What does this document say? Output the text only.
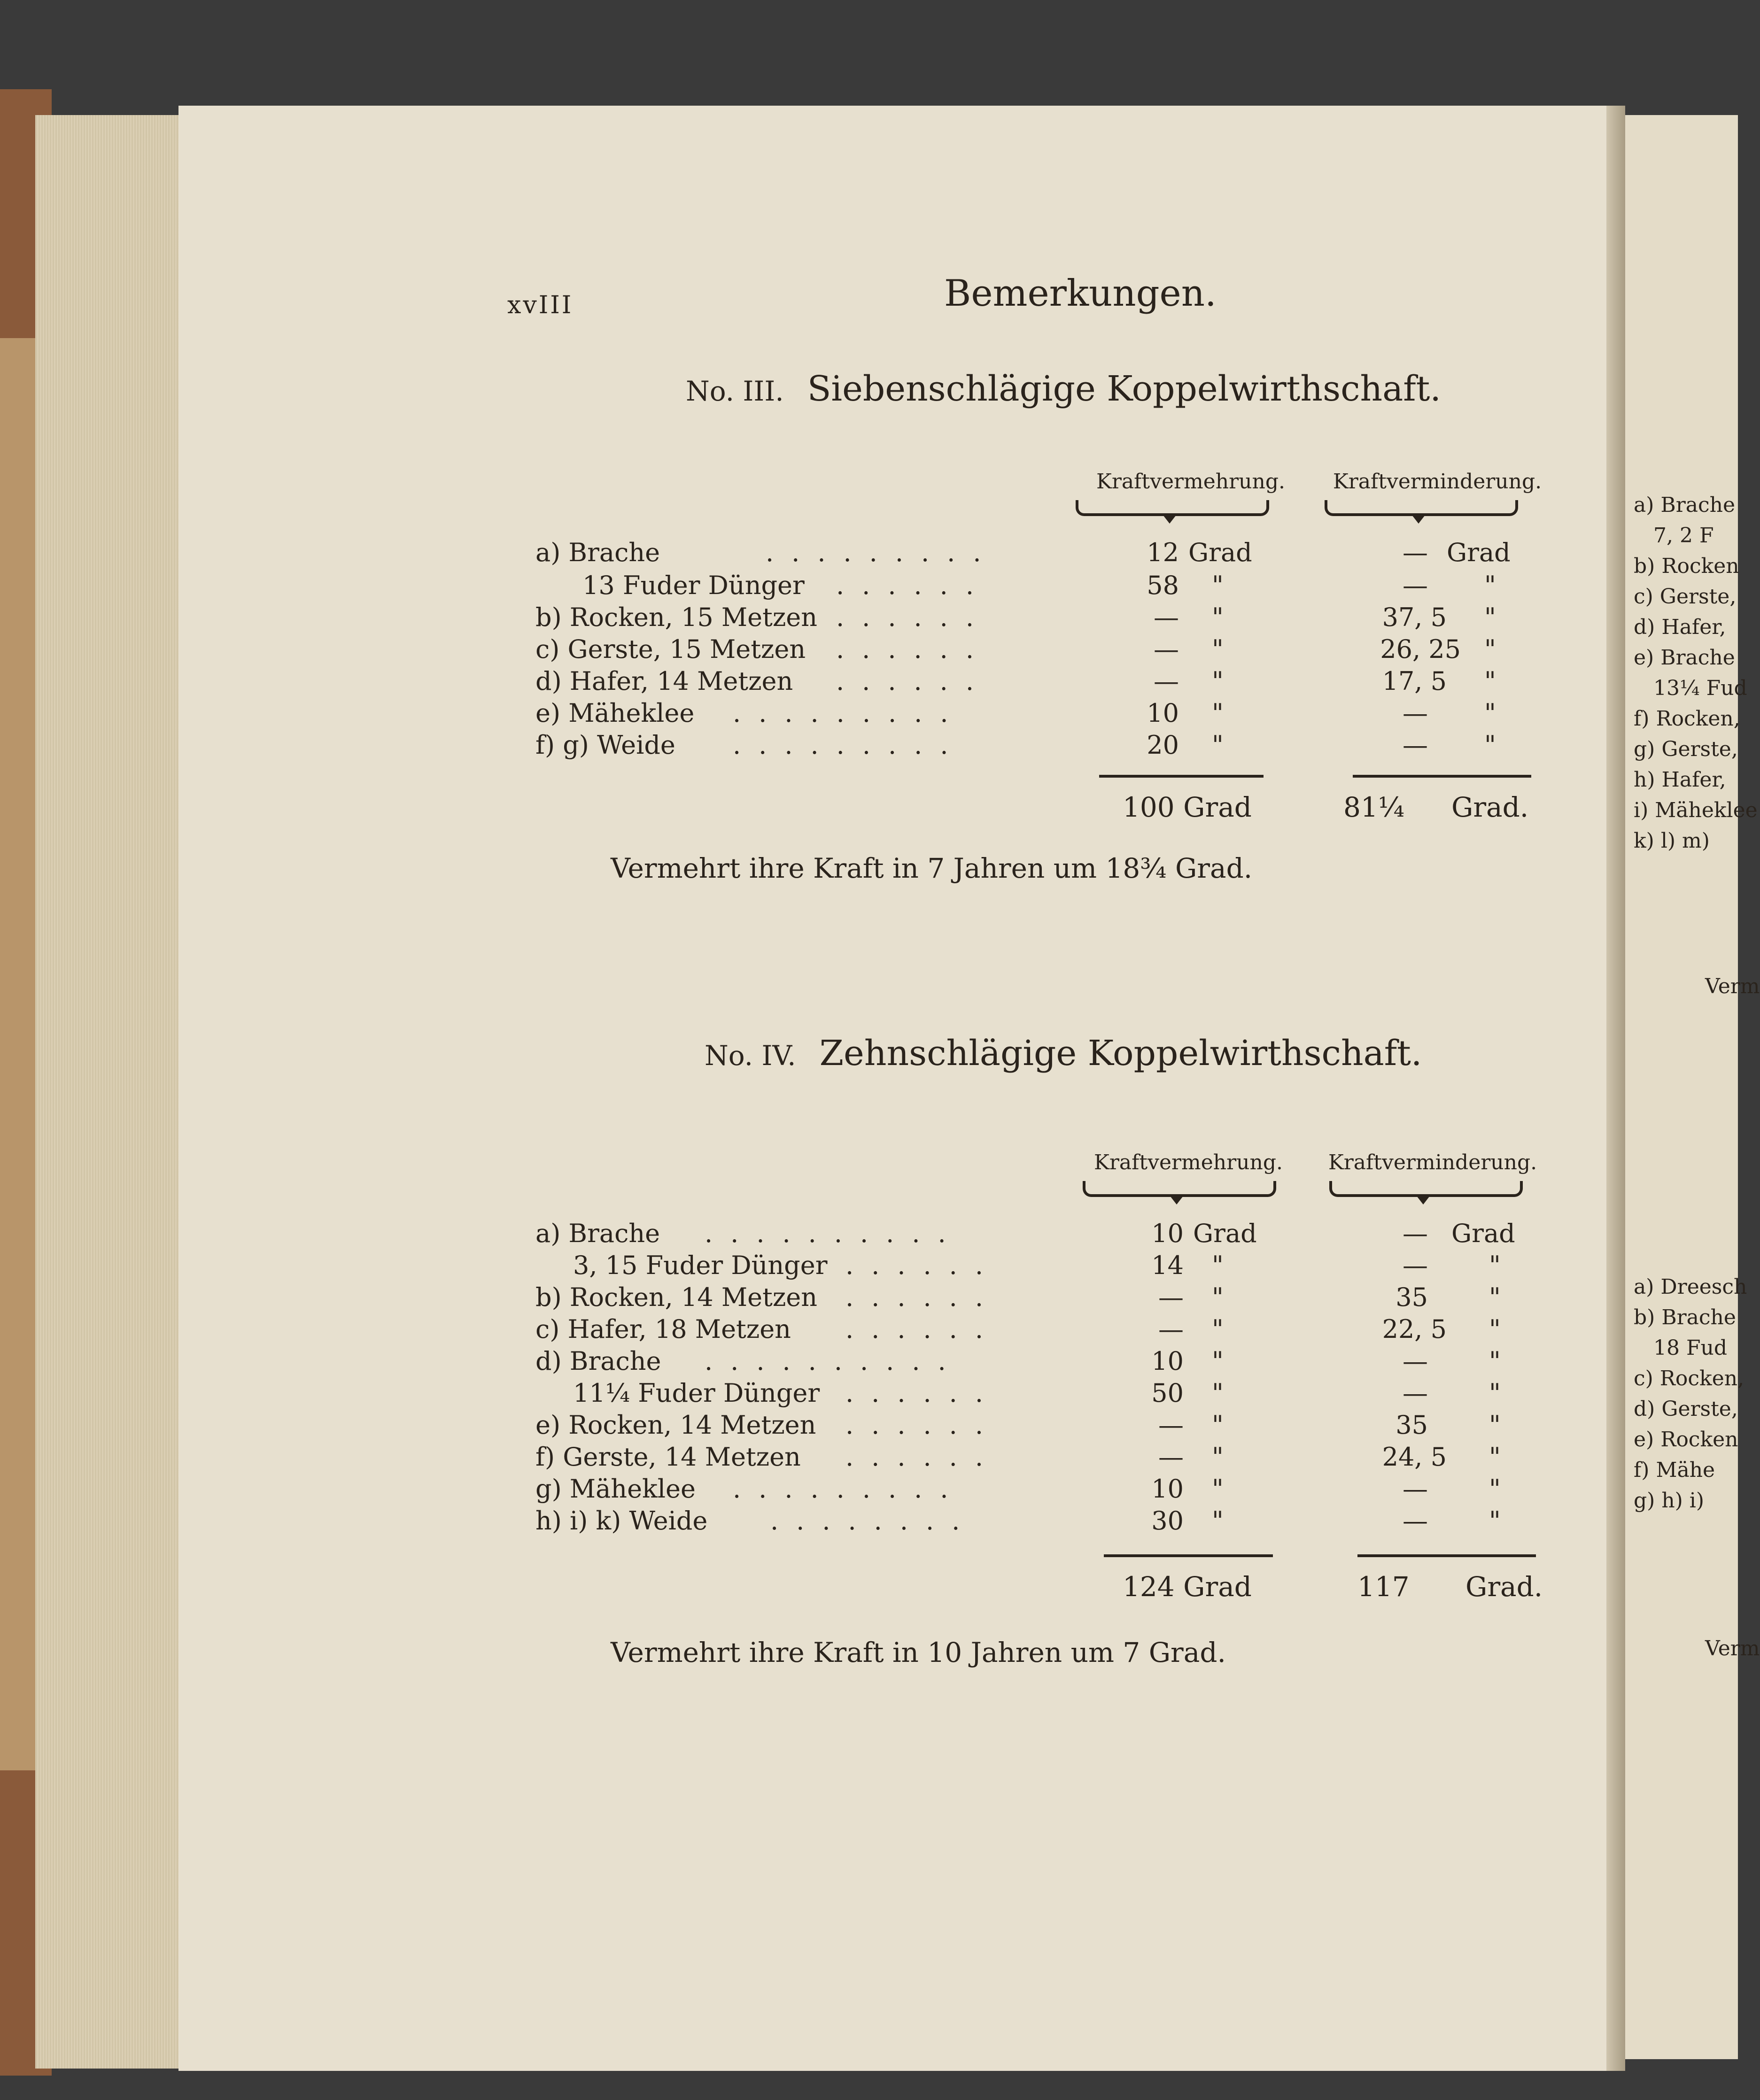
xvIII	Bemerkungen.
No. III. Siebenschlägige Koppelwirthschaft.
Kraftvermehrung. Kraftverminderung.
a) Brache	12 Grad	— Grad
13 Fuder Dünger	58 "	— "
b) Rocken, 15 Metzen	— "	37, 5 "
c) Gerste, 15 Metzen	— "	26, 25 "
d) Hafer, 14 Metzen	— "	17, 5 "
e) Mäheklee	10 "	— "
f) g) Weide	20 "	— "
.........
......
......
......
......
.........
.........
100 Grad	81¼ Grad.
Vermehrt ihre Kraft in 7 Jahren um 18¾ Grad.
No. IV. Zehnschlägige Koppelwirthschaft.
Kraftvermehrung. Kraftverminderung.
a) Brache	10 Grad	— Grad
3, 15 Fuder Dünger	14 "	— "
b) Rocken, 14 Metzen	— "	35 "
c) Hafer, 18 Metzen	— "	22, 5 "
d) Brache	10 "	— "
11¼ Fuder Dünger	50 "	— "
e) Rocken, 14 Metzen	— "	35 "
f) Gerste, 14 Metzen	— "	24, 5 "
g) Mäheklee	10 "	— "
h) i) k) Weide	30 "	— "
..........
......
......
......
..........
......
......
......
.........
........
124 Grad	117 Grad.
Vermehrt ihre Kraft in 10 Jahren um 7 Grad.
a) Brache
7, 2 F
b) Rocken
c) Gerste,
d) Hafer,
e) Brache
13¼ Fud
f) Rocken,
g) Gerste,
h) Hafer,
i) Mäheklee
k) l) m)
Verm
a) Dreesch
b) Brache
18 Fud
c) Rocken,
d) Gerste,
e) Rocken
f) Mähe
g) h) i)
Verm
